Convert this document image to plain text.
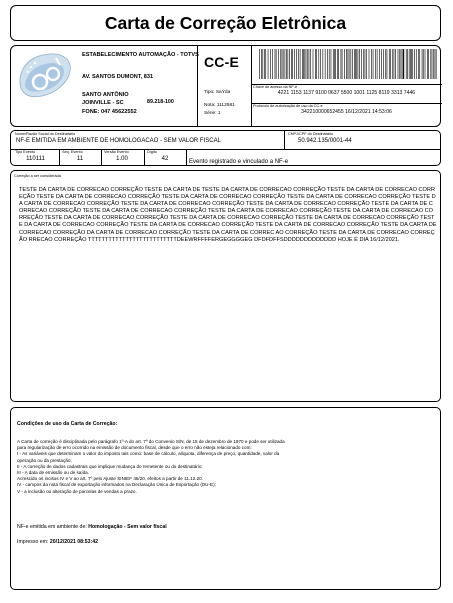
Carta de Correção Eletrônica
ESTABELECIMENTO AUTOMAÇÃO - TOTVS
AV. SANTOS DUMONT, 831
SANTO ANTÔNIO
JOINVILLE - SC	89.218-100
FONE: 047 45622552
CC-E
Tipo: SaÝda
Nota: 1112581
Série: 1
Chave de acesso da NF-e
4221 1153 1137 9100 0637 5500 1001 1125 8119 3313 7446
Protocolo de autorização de uso da CC-e
342210000652455 16/12/2021 14:53:06
Nome/Razão Social do Destinatário
NF-E EMITIDA EM AMBIENTE DE HOMOLOGACAO - SEM VALOR FISCAL
CNPJ/CPF do Destinatário
50.942.135/0001-44
Tipo Evento
110111
Seq. Evento
11
Versão Evento
1.00
Dígito
42	Evento registrado e vinculado a NF-e
Correção a ser considerada
TESTE DA CARTA DE CORRECAO CORREÇÃO TESTE DA CARTA DE TESTE DA CARTA DE CORRECAO CORREÇÃO TESTE DA CARTA DE CORRECAO CORREÇÃO TESTE DA CARTA DE CORRECAO CORREÇÃO TESTE DA CARTA DE CORRECAO CORREÇÃO TESTE DA CARTA DE CORRECAO CORREÇÃO TESTE DA CARTA DE CORRECAO CORREÇÃO TESTE DA CARTA DE CORRECAO CORREÇÃO TESTE DA CARTA DE CORRECAO CORREÇÃO TESTE DA CARTA DE CORRECAO CORREÇÃO TESTE DA CARTA DE CORRECAO CORREÇÃO TESTE DA CARTA DE CORRECAO CORREÇÃO TESTE DA CARTA DE CORRECAO CORREÇÃO TESTE DA CARTA DE CORRECAO CORREÇÃO TESTE DA CARTA DE CORRECAO CORREÇÃO TESTE DA CARTA DE CORRECAO CORREÇÃO TESTE DA CARTA DE CORRECAO CORREÇÃO TESTE DA CARTA DE CORRECAO CORREÇÃO TESTE DA CARTA DE CORRECAO CORREÇÃO TESTE DA CARTA DE CORRECAO CORREÇÃO DA CARTA DE CORRECAO CORREÇÃO TESTE DA CARTA DE CORREC AO CORREÇÃO TESTE DA CARTA DE CORRECAO CORREÇÃO RRECAO CORREÇÃO TTTTTTTTTTTTTTTTTTTTTTTTTTDEEWRFFFFERGEGGGGEG DFDFDFFSDDDDDDDDDDDDD HOJE É DIA 16/12/2021.
Condições de uso da Carta de Correção:
A Carta de correção é disciplinada pelo parágrafo 1º-A do art. 7º do Convenio S/N, de 15 de dezembro de 1970 e pode ser utilizada
para regularização de erro ocorrido na emissão de documento fiscal, desde que o erro não esteja relacionado com:
I - As variáveis que determinam o valor do imposto tais como: base de cálculo, alíquota, diferença de preço, quantidade, valor da
operação ou da prestação;
II - A correção de dados cadastrais que implique mudança do remetente ou do destinatário;
III - A data de emissão ou de saída.
Acrescido os incisos IV e V ao art. 7º pelo Ajuste SINIEF 45/20, efeitos a partir de 11.12.20.
IV - campos da nota fiscal de exportação informados na Declaração Única de Exportação (DU-E);
V - a inclusão ou alteração de parcelas de vendas a prazo.
NF-e emitida em ambiente de: Homologação - Sem valor fiscal
Impresso em: 20/12/2021 08:53:42
